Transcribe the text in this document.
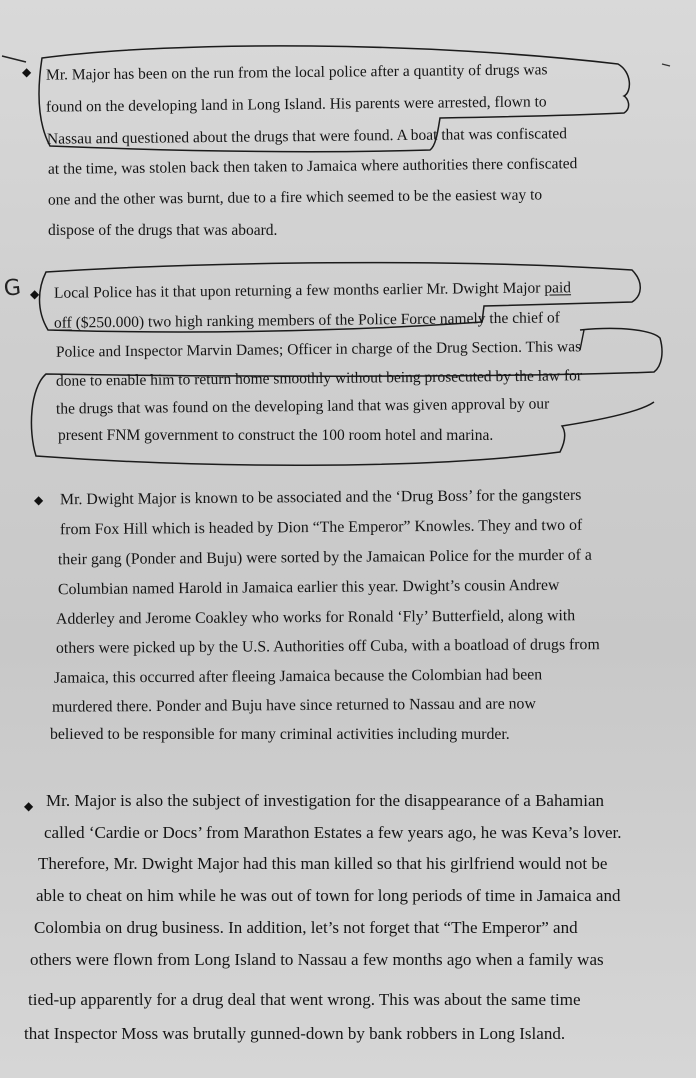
G
◆ Mr. Major has been on the run from the local police after a quantity of drugs was
found on the developing land in Long Island. His parents were arrested, flown to
Nassau and questioned about the drugs that were found. A boat that was confiscated
at the time, was stolen back then taken to Jamaica where authorities there confiscated
one and the other was burnt, due to a fire which seemed to be the easiest way to
dispose of the drugs that was aboard.
◆ Local Police has it that upon returning a few months earlier Mr. Dwight Major paid
off ($250.000) two high ranking members of the Police Force namely the chief of
Police and Inspector Marvin Dames; Officer in charge of the Drug Section. This was
done to enable him to return home smoothly without being prosecuted by the law for
the drugs that was found on the developing land that was given approval by our
present FNM government to construct the 100 room hotel and marina.
◆ Mr. Dwight Major is known to be associated and the ‘Drug Boss’ for the gangsters
from Fox Hill which is headed by Dion “The Emperor” Knowles. They and two of
their gang (Ponder and Buju) were sorted by the Jamaican Police for the murder of a
Columbian named Harold in Jamaica earlier this year. Dwight’s cousin Andrew
Adderley and Jerome Coakley who works for Ronald ‘Fly’ Butterfield, along with
others were picked up by the U.S. Authorities off Cuba, with a boatload of drugs from
Jamaica, this occurred after fleeing Jamaica because the Colombian had been
murdered there. Ponder and Buju have since returned to Nassau and are now
believed to be responsible for many criminal activities including murder.
◆ Mr. Major is also the subject of investigation for the disappearance of a Bahamian
called ‘Cardie or Docs’ from Marathon Estates a few years ago, he was Keva’s lover.
Therefore, Mr. Dwight Major had this man killed so that his girlfriend would not be
able to cheat on him while he was out of town for long periods of time in Jamaica and
Colombia on drug business. In addition, let’s not forget that “The Emperor” and
others were flown from Long Island to Nassau a few months ago when a family was
tied-up apparently for a drug deal that went wrong. This was about the same time
that Inspector Moss was brutally gunned-down by bank robbers in Long Island.
